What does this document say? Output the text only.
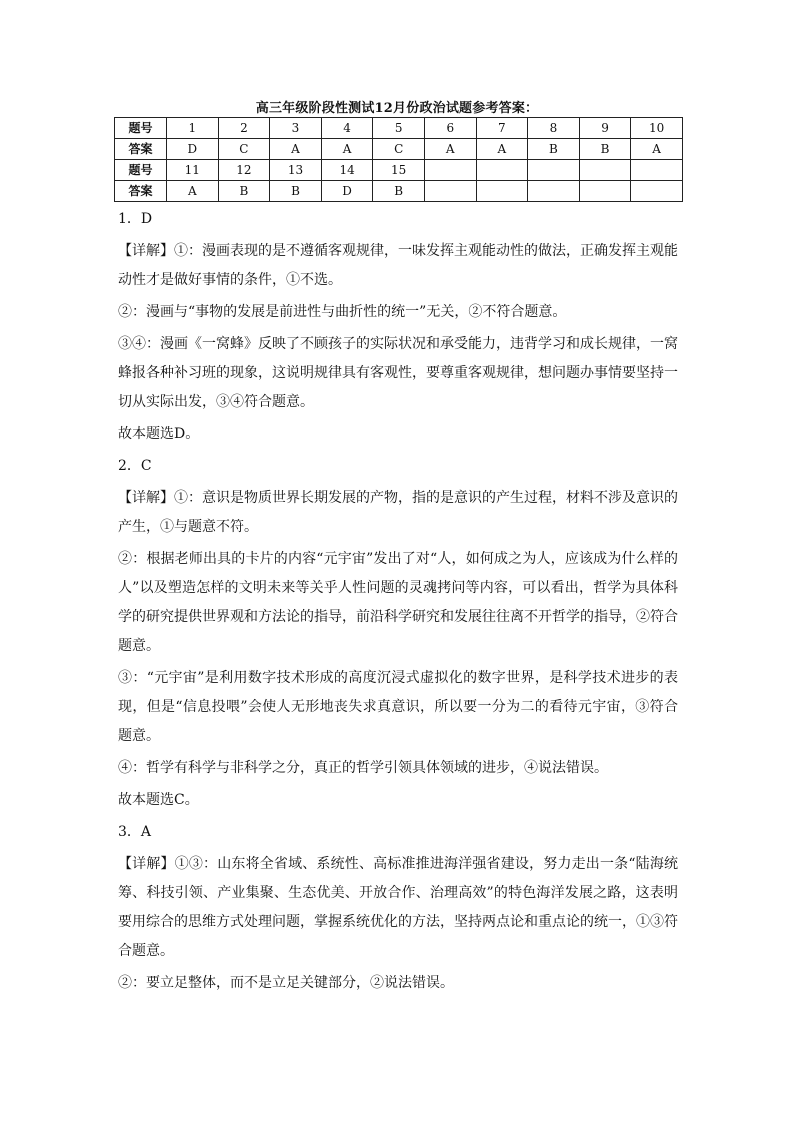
高三年级阶段性测试12月份政治试题参考答案：
题号	1	2	3	4	5	6	7	8	9	10
答案	D	C	A	A	C	A	A	B	B	A
题号	11	12	13	14	15					
答案	A	B	B	D	B					

1．D

【详解】①：漫画表现的是不遵循客观规律，一味发挥主观能动性的做法，正确发挥主观能动性才是做好事情的条件，①不选。

②：漫画与“事物的发展是前进性与曲折性的统一”无关，②不符合题意。

③④：漫画《一窝蜂》反映了不顾孩子的实际状况和承受能力，违背学习和成长规律，一窝蜂报各种补习班的现象，这说明规律具有客观性，要尊重客观规律，想问题办事情要坚持一切从实际出发，③④符合题意。

故本题选D。

2．C

【详解】①：意识是物质世界长期发展的产物，指的是意识的产生过程，材料不涉及意识的产生，①与题意不符。

②：根据老师出具的卡片的内容“元宇宙”发出了对“人，如何成之为人，应该成为什么样的人”以及塑造怎样的文明未来等关乎人性问题的灵魂拷问等内容，可以看出，哲学为具体科学的研究提供世界观和方法论的指导，前沿科学研究和发展往往离不开哲学的指导，②符合题意。

③：“元宇宙”是利用数字技术形成的高度沉浸式虚拟化的数字世界，是科学技术进步的表现，但是“信息投喂”会使人无形地丧失求真意识，所以要一分为二的看待元宇宙，③符合题意。

④：哲学有科学与非科学之分，真正的哲学引领具体领域的进步，④说法错误。

故本题选C。

3．A

【详解】①③：山东将全省域、系统性、高标准推进海洋强省建设，努力走出一条“陆海统筹、科技引领、产业集聚、生态优美、开放合作、治理高效”的特色海洋发展之路，这表明要用综合的思维方式处理问题，掌握系统优化的方法，坚持两点论和重点论的统一，①③符合题意。

②：要立足整体，而不是立足关键部分，②说法错误。
